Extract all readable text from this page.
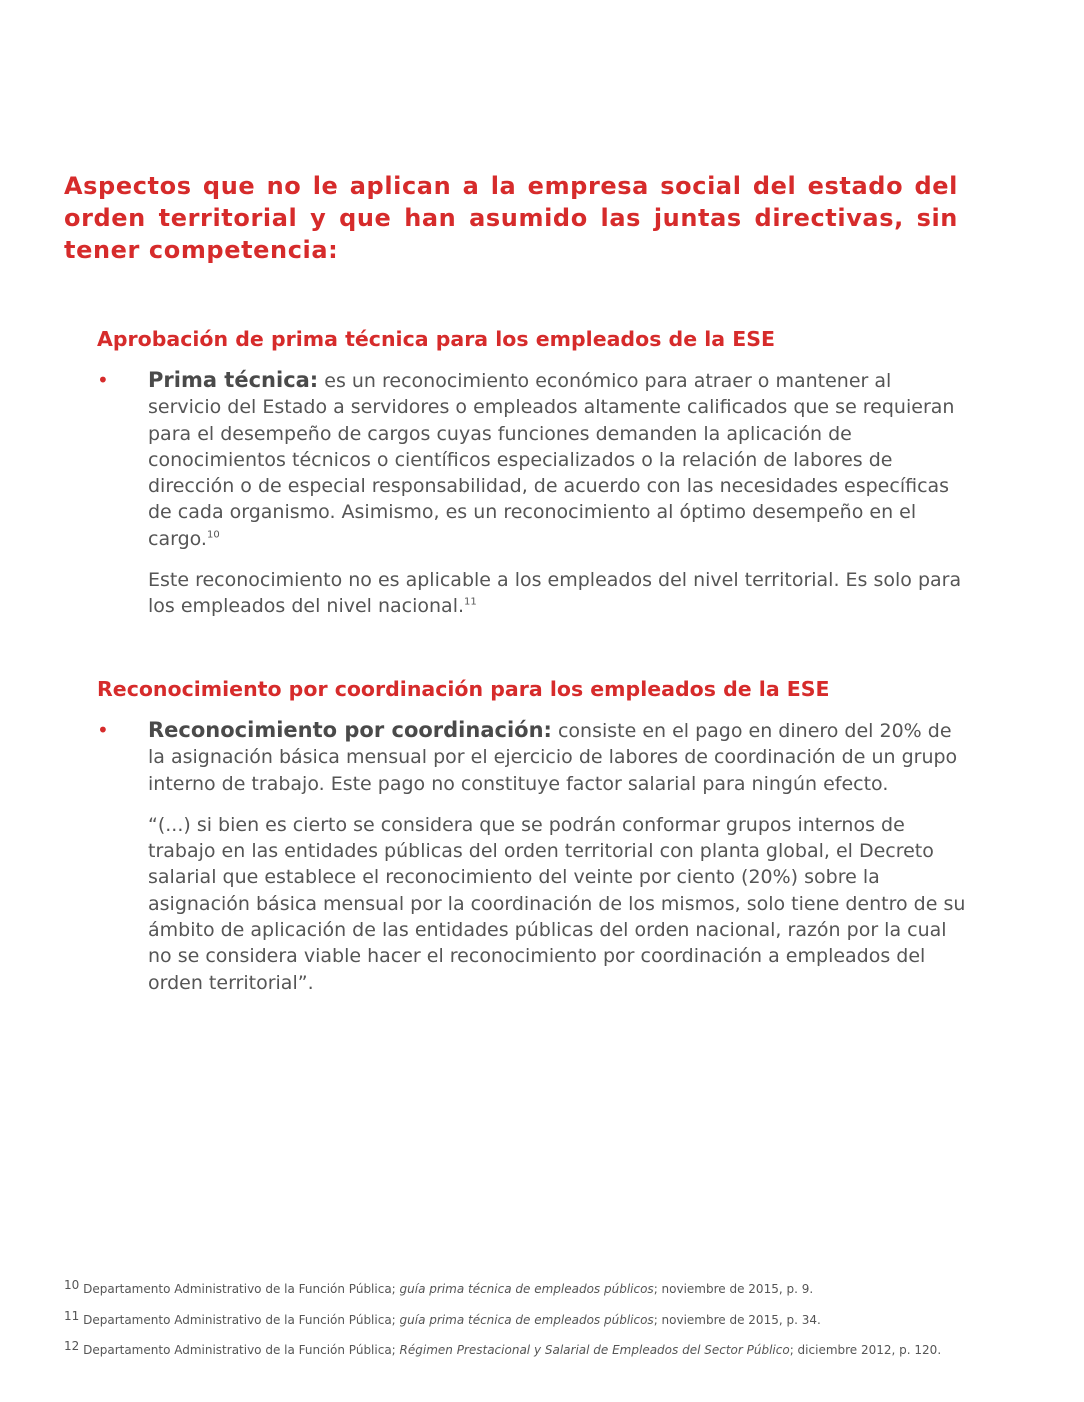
Aspectos que no le aplican a la empresa social del estado del orden territorial y que han asumido las juntas directivas, sin tener competencia:
Aprobación de prima técnica para los empleados de la ESE
• Prima técnica: es un reconocimiento económico para atraer o mantener al servicio del Estado a servidores o empleados altamente calificados que se requieran para el desempeño de cargos cuyas funciones demanden la aplicación de conocimientos técnicos o científicos especializados o la relación de labores de dirección o de especial responsabilidad, de acuerdo con las necesidades específicas de cada organismo. Asimismo, es un reconocimiento al óptimo desempeño en el cargo.$^{10}$

Este reconocimiento no es aplicable a los empleados del nivel territorial. Es solo para los empleados del nivel nacional.$^{11}$

Reconocimiento por coordinación para los empleados de la ESE
• Reconocimiento por coordinación: consiste en el pago en dinero del 20% de la asignación básica mensual por el ejercicio de labores de coordinación de un grupo interno de trabajo. Este pago no constituye factor salarial para ningún efecto.

“(...) si bien es cierto se considera que se podrán conformar grupos internos de trabajo en las entidades públicas del orden territorial con planta global, el Decreto salarial que establece el reconocimiento del veinte por ciento (20%) sobre la asignación básica mensual por la coordinación de los mismos, solo tiene dentro de su ámbito de aplicación de las entidades públicas del orden nacional, razón por la cual no se considera viable hacer el reconocimiento por coordinación a empleados del orden territorial”.

10 Departamento Administrativo de la Función Pública; guía prima técnica de empleados públicos; noviembre de 2015, p. 9.

11 Departamento Administrativo de la Función Pública; guía prima técnica de empleados públicos; noviembre de 2015, p. 34.

12 Departamento Administrativo de la Función Pública; Régimen Prestacional y Salarial de Empleados del Sector Público; diciembre 2012, p. 120.
